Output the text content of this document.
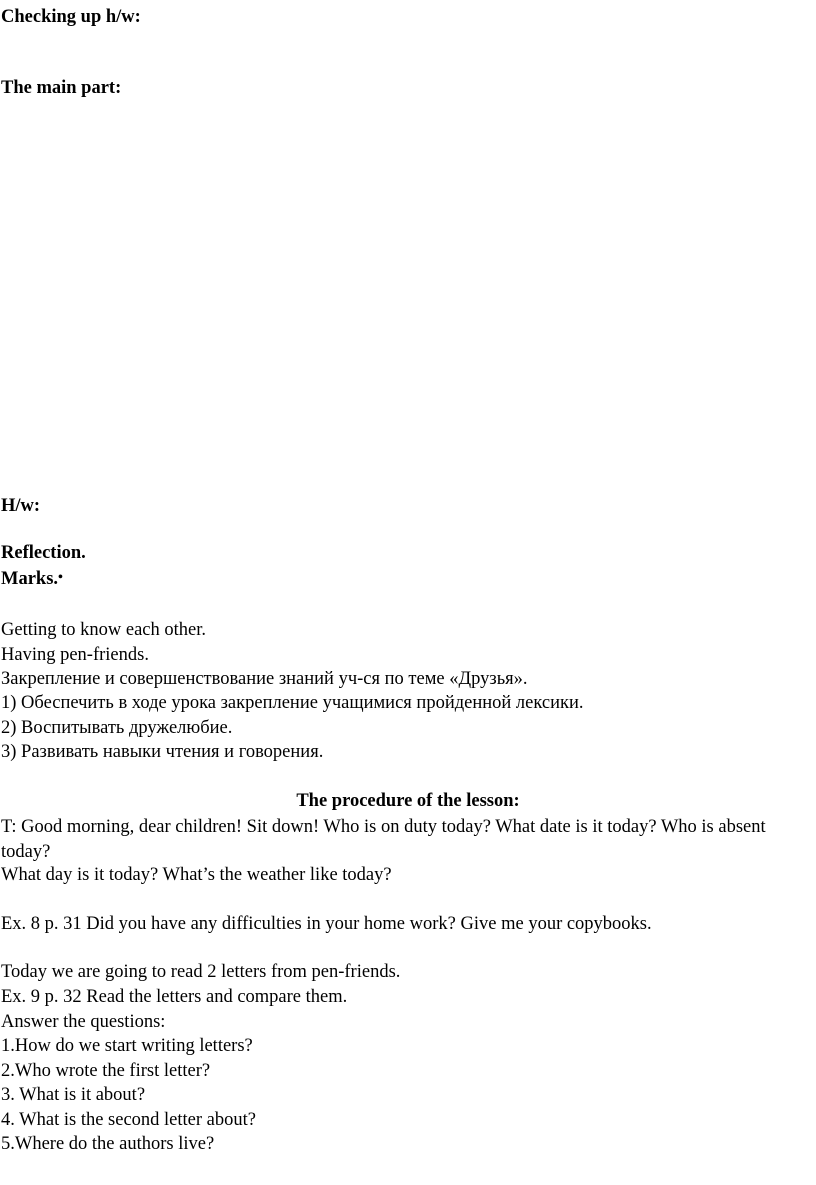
Checking up h/w:

The main part:

H/w:

Reflection.

Marks.•

Getting to know each other.

Having pen-friends.

Закрепление и совершенствование знаний уч-ся по теме «Друзья».

1) Обеспечить в ходе урока закрепление учащимися пройденной лексики.

2) Воспитывать дружелюбие.

3) Развивать навыки чтения и говорения.

The procedure of the lesson:

T: Good morning, dear children! Sit down! Who is on duty today? What date is it today? Who is absent today?

What day is it today? What’s the weather like today?

Ex. 8 p. 31 Did you have any difficulties in your home work? Give me your copybooks.

Today we are going to read 2 letters from pen-friends.

Ex. 9 p. 32 Read the letters and compare them.

Answer the questions:

1.How do we start writing letters?

2.Who wrote the first letter?

3. What is it about?

4. What is the second letter about?

5.Where do the authors live?
